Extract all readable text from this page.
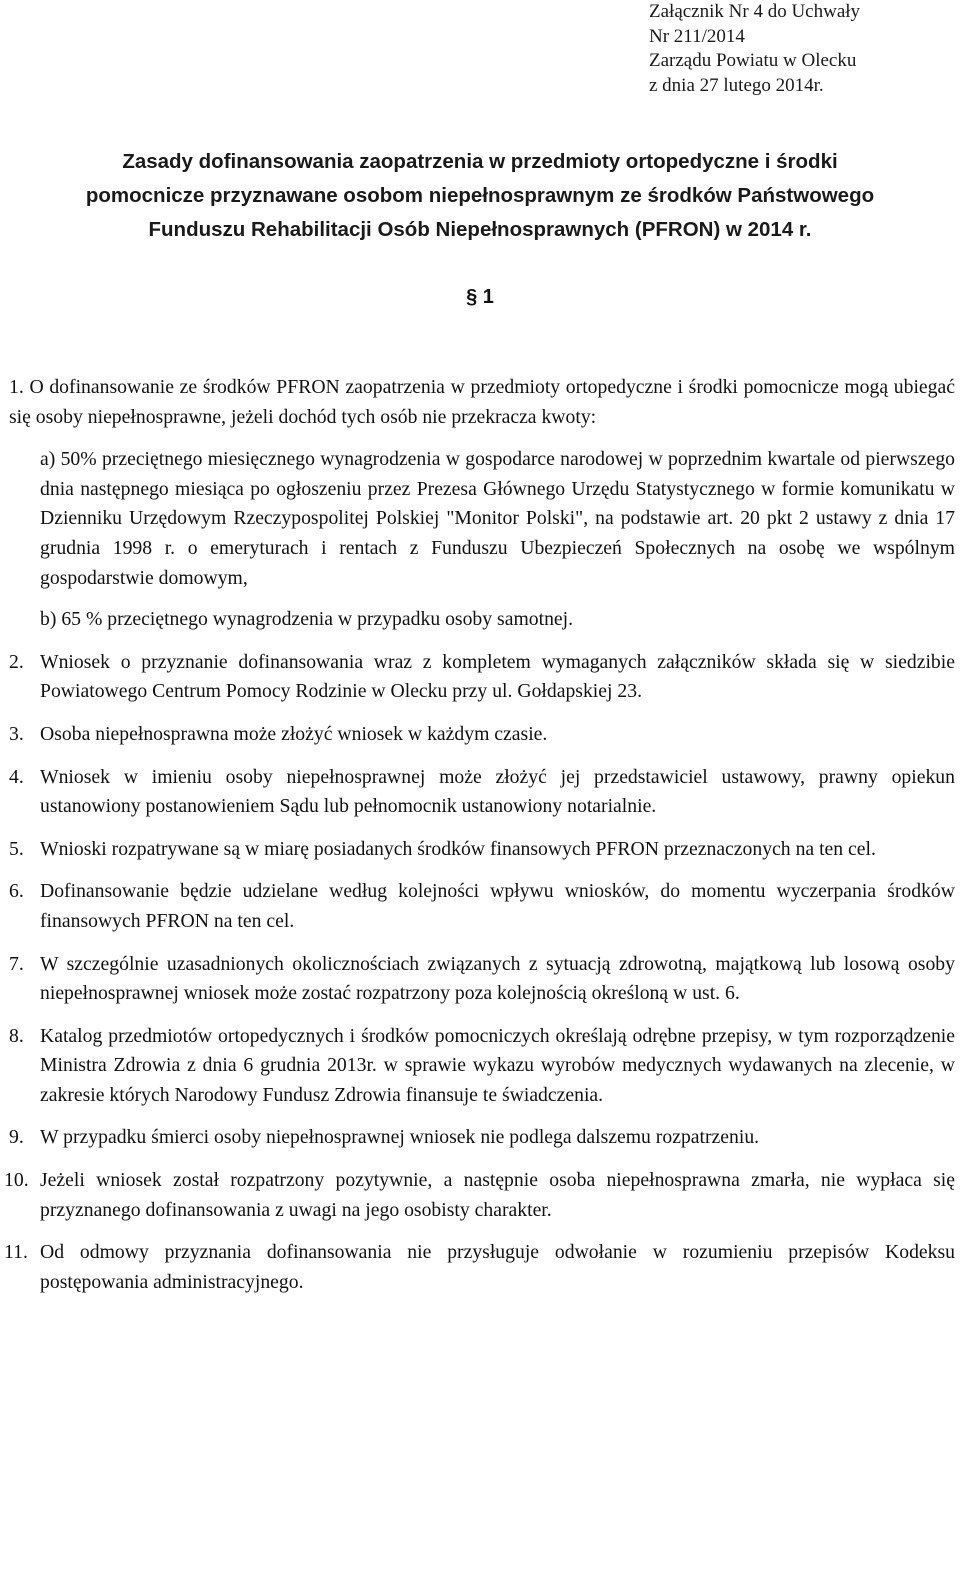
Załącznik Nr 4 do Uchwały
Nr 211/2014
Zarządu Powiatu w Olecku
z dnia 27 lutego 2014r.
Zasady dofinansowania zaopatrzenia w przedmioty ortopedyczne i środki
pomocnicze przyznawane osobom niepełnosprawnym ze środków Państwowego
Funduszu Rehabilitacji Osób Niepełnosprawnych (PFRON) w 2014 r.
§ 1

1. O dofinansowanie ze środków PFRON zaopatrzenia w przedmioty ortopedyczne i środki pomocnicze mogą ubiegać się osoby niepełnosprawne, jeżeli dochód tych osób nie przekracza kwoty:

a) 50% przeciętnego miesięcznego wynagrodzenia w gospodarce narodowej w poprzednim kwartale od pierwszego dnia następnego miesiąca po ogłoszeniu przez Prezesa Głównego Urzędu Statystycznego w formie komunikatu w Dzienniku Urzędowym Rzeczypospolitej Polskiej "Monitor Polski", na podstawie art. 20 pkt 2 ustawy z dnia 17 grudnia 1998 r. o emeryturach i rentach z Funduszu Ubezpieczeń Społecznych na osobę we wspólnym gospodarstwie domowym,

b) 65 % przeciętnego wynagrodzenia w przypadku osoby samotnej.

2. Wniosek o przyznanie dofinansowania wraz z kompletem wymaganych załączników składa się w siedzibie Powiatowego Centrum Pomocy Rodzinie w Olecku przy ul. Gołdapskiej 23.

3. Osoba niepełnosprawna może złożyć wniosek w każdym czasie.

4. Wniosek w imieniu osoby niepełnosprawnej może złożyć jej przedstawiciel ustawowy, prawny opiekun ustanowiony postanowieniem Sądu lub pełnomocnik ustanowiony notarialnie.

5. Wnioski rozpatrywane są w miarę posiadanych środków finansowych PFRON przeznaczonych na ten cel.

6. Dofinansowanie będzie udzielane według kolejności wpływu wniosków, do momentu wyczerpania środków finansowych PFRON na ten cel.

7. W szczególnie uzasadnionych okolicznościach związanych z sytuacją zdrowotną, majątkową lub losową osoby niepełnosprawnej wniosek może zostać rozpatrzony poza kolejnością określoną w ust. 6.

8. Katalog przedmiotów ortopedycznych i środków pomocniczych określają odrębne przepisy, w tym rozporządzenie Ministra Zdrowia z dnia 6 grudnia 2013r. w sprawie wykazu wyrobów medycznych wydawanych na zlecenie, w zakresie których Narodowy Fundusz Zdrowia finansuje te świadczenia.

9. W przypadku śmierci osoby niepełnosprawnej wniosek nie podlega dalszemu rozpatrzeniu.

10. Jeżeli wniosek został rozpatrzony pozytywnie, a następnie osoba niepełnosprawna zmarła, nie wypłaca się przyznanego dofinansowania z uwagi na jego osobisty charakter.

11. Od odmowy przyznania dofinansowania nie przysługuje odwołanie w rozumieniu przepisów Kodeksu postępowania administracyjnego.
